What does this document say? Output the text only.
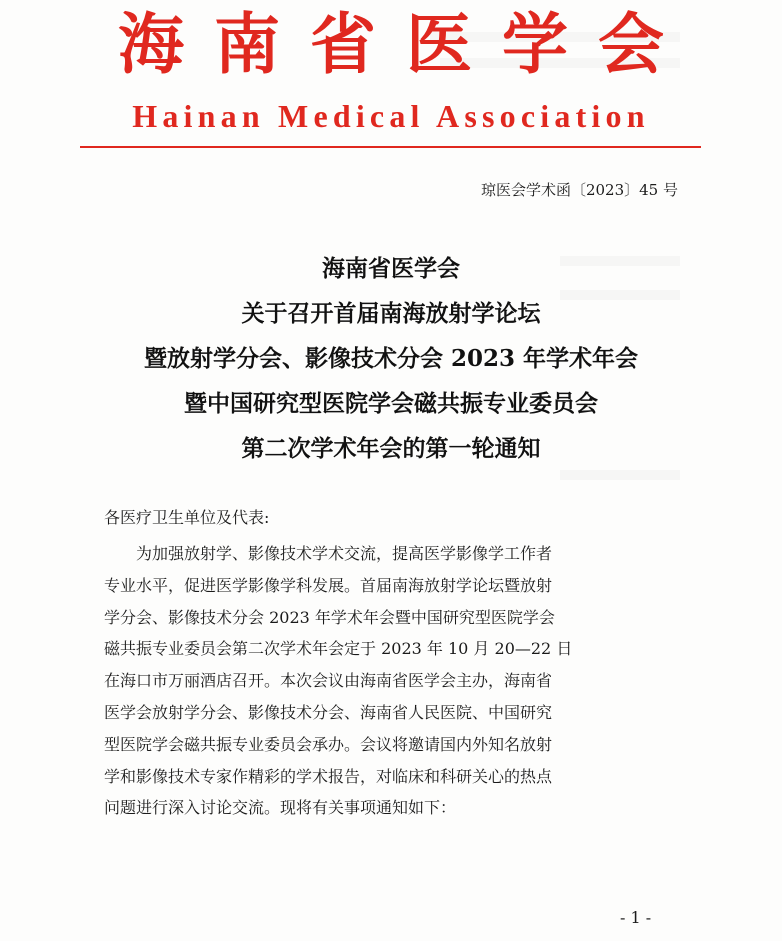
海南省医学会
Hainan Medical Association
琼医会学术函〔2023〕45 号
海南省医学会
关于召开首届南海放射学论坛
暨放射学分会、影像技术分会 2023 年学术年会
暨中国研究型医院学会磁共振专业委员会
第二次学术年会的第一轮通知
各医疗卫生单位及代表:
　　为加强放射学、影像技术学术交流，提高医学影像学工作者
专业水平，促进医学影像学科发展。首届南海放射学论坛暨放射
学分会、影像技术分会 2023 年学术年会暨中国研究型医院学会
磁共振专业委员会第二次学术年会定于 2023 年 10 月 20—22 日
在海口市万丽酒店召开。本次会议由海南省医学会主办，海南省
医学会放射学分会、影像技术分会、海南省人民医院、中国研究
型医院学会磁共振专业委员会承办。会议将邀请国内外知名放射
学和影像技术专家作精彩的学术报告，对临床和科研关心的热点
问题进行深入讨论交流。现将有关事项通知如下：
- 1 -
